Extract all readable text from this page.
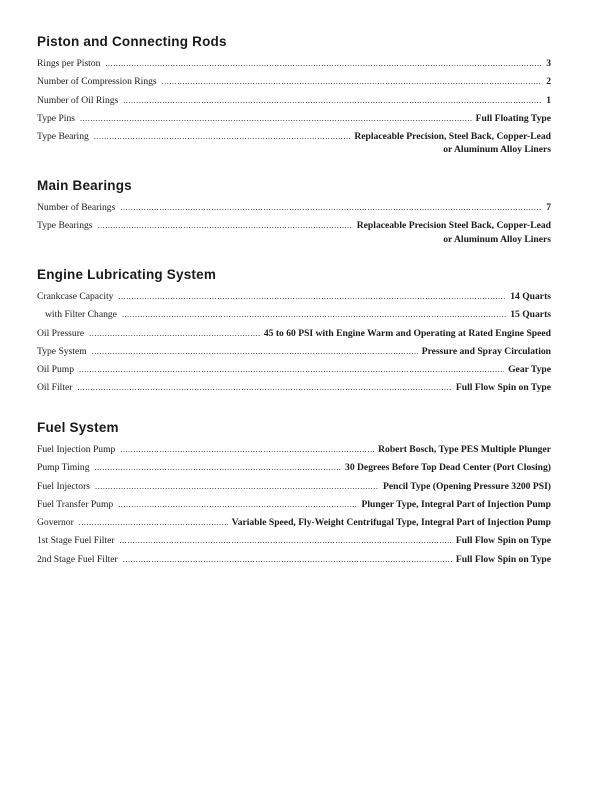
Piston and Connecting Rods
Rings per Piston .....	3
Number of Compression Rings .....	2
Number of Oil Rings .....	1
Type Pins .....	Full Floating Type
Type Bearing .....	Replaceable Precision, Steel Back, Copper-Lead
or Aluminum Alloy Liners
Main Bearings
Number of Bearings .....	7
Type Bearings .....	Replaceable Precision Steel Back, Copper-Lead
or Aluminum Alloy Liners
Engine Lubricating System
Crankcase Capacity .....	14 Quarts
with Filter Change .....	15 Quarts
Oil Pressure .....	45 to 60 PSI with Engine Warm and Operating at Rated Engine Speed
Type System .....	Pressure and Spray Circulation
Oil Pump .....	Gear Type
Oil Filter .....	Full Flow Spin on Type
Fuel System
Fuel Injection Pump .....	Robert Bosch, Type PES Multiple Plunger
Pump Timing .....	30 Degrees Before Top Dead Center (Port Closing)
Fuel Injectors .....	Pencil Type (Opening Pressure 3200 PSI)
Fuel Transfer Pump .....	Plunger Type, Integral Part of Injection Pump
Governor .....	Variable Speed, Fly-Weight Centrifugal Type, Integral Part of Injection Pump
1st Stage Fuel Filter .....	Full Flow Spin on Type
2nd Stage Fuel Filter .....	Full Flow Spin on Type
